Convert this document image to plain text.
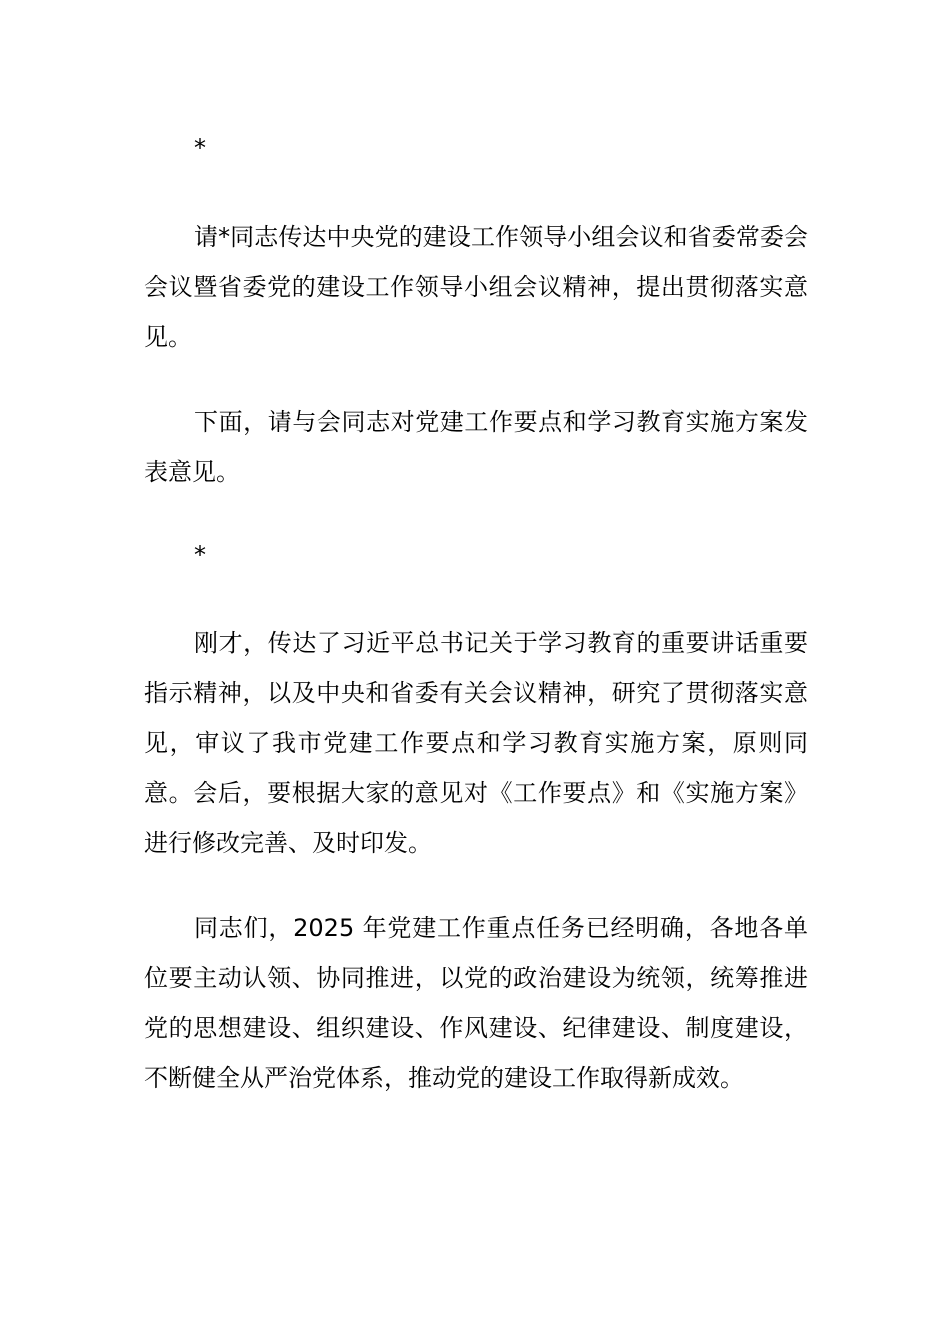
*

请*同志传达中央党的建设工作领导小组会议和省委常委会会议暨省委党的建设工作领导小组会议精神，提出贯彻落实意见。

下面，请与会同志对党建工作要点和学习教育实施方案发表意见。

*

刚才，传达了习近平总书记关于学习教育的重要讲话重要指示精神，以及中央和省委有关会议精神，研究了贯彻落实意见，审议了我市党建工作要点和学习教育实施方案，原则同意。会后，要根据大家的意见对《工作要点》和《实施方案》进行修改完善、及时印发。

同志们，2025 年党建工作重点任务已经明确，各地各单位要主动认领、协同推进，以党的政治建设为统领，统筹推进党的思想建设、组织建设、作风建设、纪律建设、制度建设，不断健全从严治党体系，推动党的建设工作取得新成效。
